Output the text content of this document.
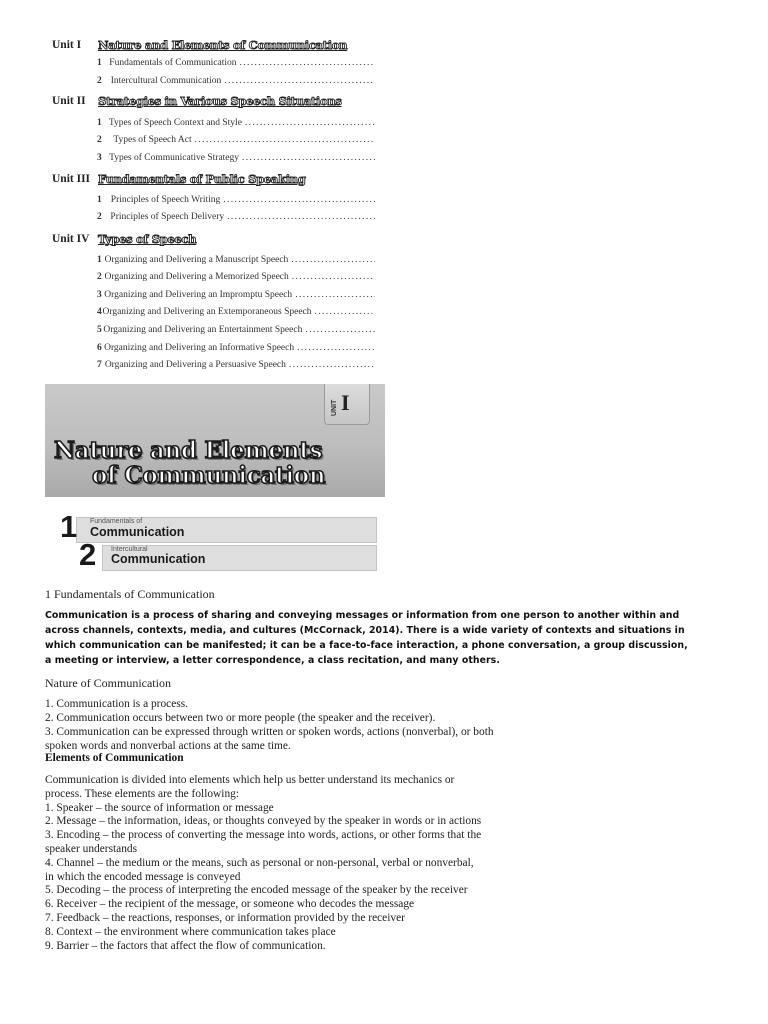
Unit I	Nature and Elements of Communication
1 Fundamentals of Communication
. . .
2 Intercultural Communication
. . .
Unit II	Strategies in Various Speech Situations
1 Types of Speech Context and Style
. . .
2	Types of Speech Act
. . .
3 Types of Communicative Strategy
. . .
Unit III Fundamentals of Public Speaking
1 Principles of Speech Writing
. . .
2 Principles of Speech Delivery
. . .
Unit IV Types of Speech
1 Organizing and Delivering a Manuscript Speech
. . .
2 Organizing and Delivering a Memorized Speech
. . .
3 Organizing and Delivering an Impromptu Speech
. . .
4 Organizing and Delivering an Extemporaneous Speech
. . .
5 Organizing and Delivering an Entertainment Speech
. . .
6 Organizing and Delivering an Informative Speech
. . .
7 Organizing and Delivering a Persuasive Speech
. . .
UNIT I
Nature and Elements
of Communication
1 Fundamentals of
Communication
2 Intercultural
Communication
1 Fundamentals of Communication
Communication is a process of sharing and conveying messages or information from one person to another within and
across channels, contexts, media, and cultures (McCornack, 2014). There is a wide variety of contexts and situations in
which communication can be manifested; it can be a face-to-face interaction, a phone conversation, a group discussion,
a meeting or interview, a letter correspondence, a class recitation, and many others.
Nature of Communication
1. Communication is a process.
2. Communication occurs between two or more people (the speaker and the receiver).
3. Communication can be expressed through written or spoken words, actions (nonverbal), or both
spoken words and nonverbal actions at the same time.
Elements of Communication
Communication is divided into elements which help us better understand its mechanics or
process. These elements are the following:
1. Speaker – the source of information or message
2. Message – the information, ideas, or thoughts conveyed by the speaker in words or in actions
3. Encoding – the process of converting the message into words, actions, or other forms that the
speaker understands
4. Channel – the medium or the means, such as personal or non-personal, verbal or nonverbal,
in which the encoded message is conveyed
5. Decoding – the process of interpreting the encoded message of the speaker by the receiver
6. Receiver – the recipient of the message, or someone who decodes the message
7. Feedback – the reactions, responses, or information provided by the receiver
8. Context – the environment where communication takes place
9. Barrier – the factors that affect the flow of communication.
